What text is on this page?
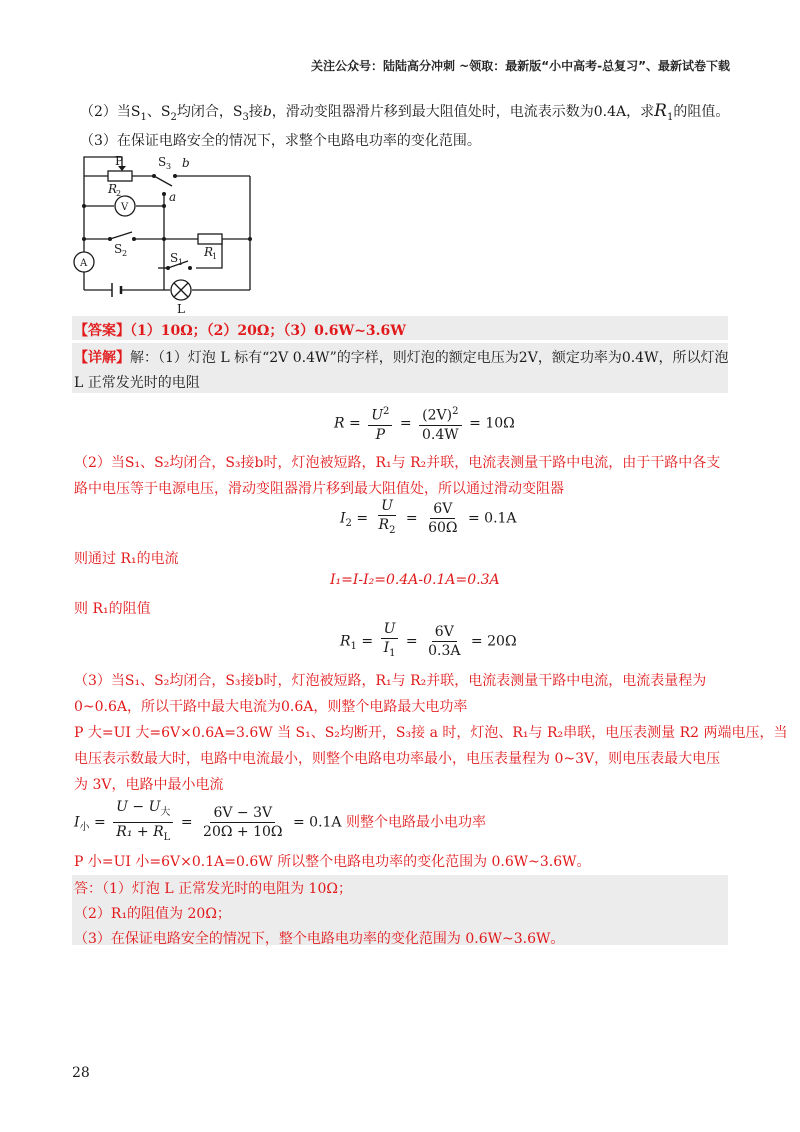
关注公众号：陆陆高分冲刺 ~领取：最新版“小中高考-总复习”、最新试卷下载
（2）当$S_1$、$S_2$均闭合，$S_3$接b，滑动变阻器滑片移到最大阻值处时，电流表示数为0.4A，求$R_1$的阻值。
（3）在保证电路安全的情况下，求整个电路电功率的变化范围。
P
R
2
S 3 b
a
V
A
S 2	S 1
R
1
L
【答案】（1）10Ω；（2）20Ω；（3）0.6W~3.6W
【详解】解：（1）灯泡 L 标有“2V 0.4W”的字样，则灯泡的额定电压为2V，额定功率为0.4W，所以灯泡
L 正常发光时的电阻
$R = \frac{U^2}{P} = \frac{(2V)^2}{0.4W} = 10\Omega$
（2）当S₁、S₂均闭合，S₃接b时，灯泡被短路，R₁与 R₂并联，电流表测量干路中电流，由于干路中各支
路中电压等于电源电压，滑动变阻器滑片移到最大阻值处，所以通过滑动变阻器
$I_2 = \frac{U}{R_2} = \frac{6V}{60\Omega} = 0.1A$
则通过 R₁的电流
I₁=I-I₂=0.4A-0.1A=0.3A
则 R₁的阻值
$R_1 = \frac{U}{I_1} = \frac{6V}{0.3A} = 20\Omega$
（3）当S₁、S₂均闭合，S₃接b时，灯泡被短路，R₁与 R₂并联，电流表测量干路中电流，电流表量程为
0~0.6A，所以干路中最大电流为0.6A，则整个电路最大电功率
P 大=UI 大=6V×0.6A=3.6W 当 S₁、S₂均断开，S₃接 a 时，灯泡、R₁与 R₂串联，电压表测量 R2 两端电压，当
电压表示数最大时，电路中电流最小，则整个电路电功率最小，电压表量程为 0~3V，则电压表最大电压
为 3V，电路中最小电流
$I_小 = \frac{U - U_大}{R_1 + R_L} = \frac{6V - 3V}{20\Omega + 10\Omega} = 0.1A$ 则整个电路最小电功率
P 小=UI 小=6V×0.1A=0.6W 所以整个电路电功率的变化范围为 0.6W~3.6W。
答：（1）灯泡 L 正常发光时的电阻为 10Ω；
（2）R₁的阻值为 20Ω；
（3）在保证电路安全的情况下，整个电路电功率的变化范围为 0.6W~3.6W。
28
